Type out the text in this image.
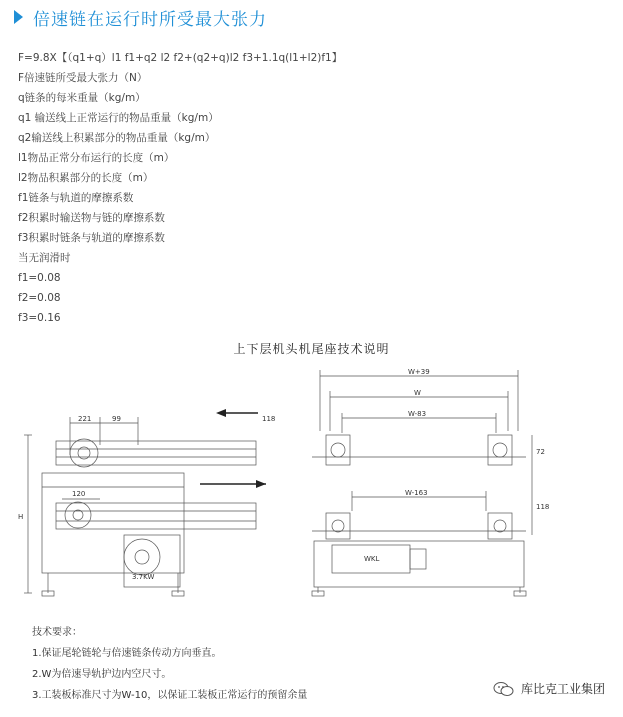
倍速链在运行时所受最大张力
F=9.8X【（q1+q）l1 f1+q2 l2 f2+(q2+q)l2 f3+1.1q(l1+l2)f1】
F倍速链所受最大张力（N）
q链条的每米重量（kg/m）
q1 输送线上正常运行的物品重量（kg/m）
q2输送线上积累部分的物品重量（kg/m）
l1物品正常分布运行的长度（m）
l2物品积累部分的长度（m）
f1链条与轨道的摩擦系数
f2积累时输送物与链的摩擦系数
f3积累时链条与轨道的摩擦系数
当无润滑时
f1=0.08
f2=0.08
f3=0.16
上下层机头机尾座技术说明
221	99	118
120
H
3.7KW
W+39
W
W-83
72
W-163
118
WKL
技术要求：
1.保证尾轮链轮与倍速链条传动方向垂直。
2.W为倍速导轨护边内空尺寸。
3.工装板标准尺寸为W-10，以保证工装板正常运行的预留余量	库比克工业集团
